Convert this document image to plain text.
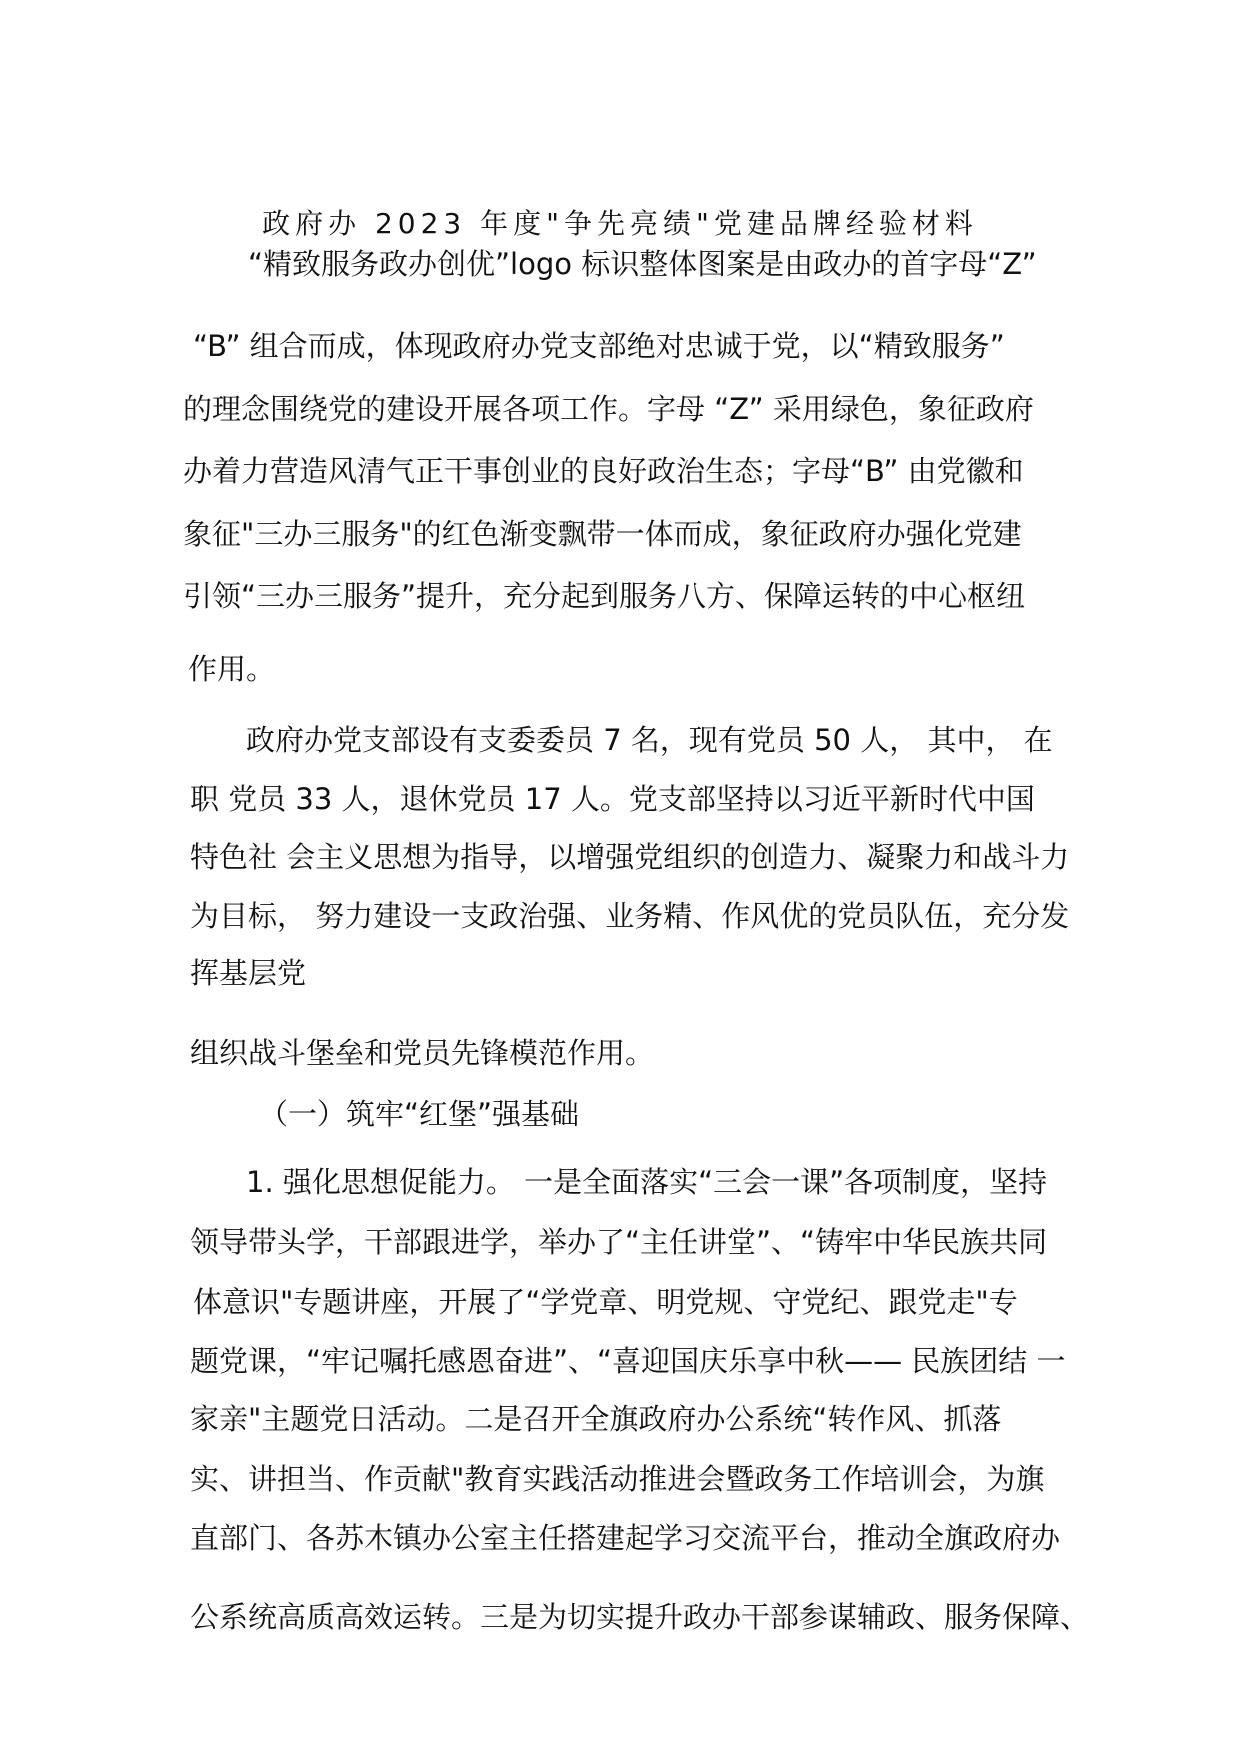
政府办 2023 年度"争先亮绩"党建品牌经验材料
“精致服务政办创优”logo 标识整体图案是由政办的首字母“Z”
“B” 组合而成，体现政府办党支部绝对忠诚于党，以“精致服务”
的理念围绕党的建设开展各项工作。字母 “Z” 采用绿色，象征政府
办着力营造风清气正干事创业的良好政治生态；字母“B” 由党徽和
象征"三办三服务"的红色渐变飘带一体而成，象征政府办强化党建
引领“三办三服务”提升，充分起到服务八方、保障运转的中心枢纽
作用。
政府办党支部设有支委委员 7 名，现有党员 50 人， 其中， 在
职 党员 33 人，退休党员 17 人。党支部坚持以习近平新时代中国
特色社 会主义思想为指导，以增强党组织的创造力、凝聚力和战斗力
为目标， 努力建设一支政治强、业务精、作风优的党员队伍，充分发
挥基层党
组织战斗堡垒和党员先锋模范作用。
（一）筑牢“红堡”强基础
1. 强化思想促能力。 一是全面落实“三会一课”各项制度，坚持
领导带头学，干部跟进学，举办了“主任讲堂”、“铸牢中华民族共同
体意识"专题讲座，开展了“学党章、明党规、守党纪、跟党走"专
题党课，“牢记嘱托感恩奋进”、“喜迎国庆乐享中秋—— 民族团结 一
家亲"主题党日活动。二是召开全旗政府办公系统“转作风、抓落
实、讲担当、作贡献"教育实践活动推进会暨政务工作培训会，为旗
直部门、各苏木镇办公室主任搭建起学习交流平台，推动全旗政府办
公系统高质高效运转。三是为切实提升政办干部参谋辅政、服务保障、
